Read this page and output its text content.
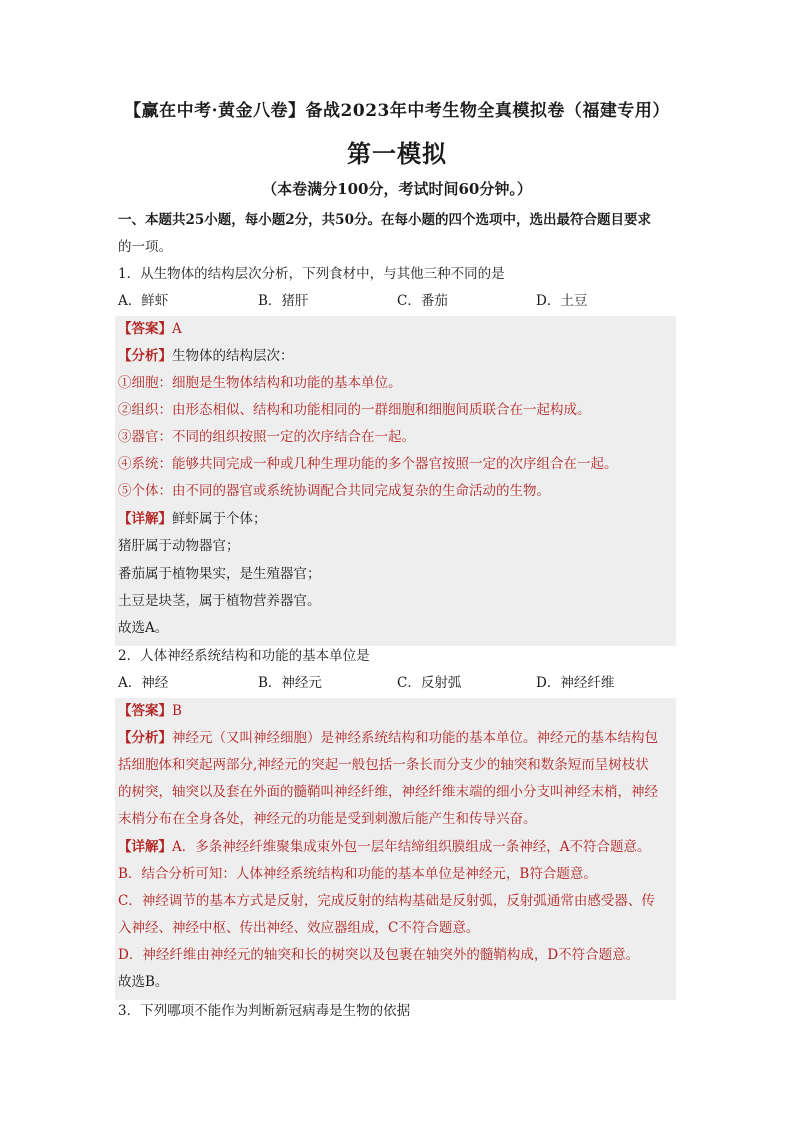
【赢在中考·黄金八卷】备战2023年中考生物全真模拟卷（福建专用）
第一模拟
（本卷满分100分，考试时间60分钟。）
一、本题共25小题，每小题2分，共50分。在每小题的四个选项中，选出最符合题目要求
的一项。
1．从生物体的结构层次分析，下列食材中，与其他三种不同的是
A．鲜虾	B．猪肝	C．番茄	D．土豆
【答案】A
【分析】生物体的结构层次：
①细胞：细胞是生物体结构和功能的基本单位。
②组织：由形态相似、结构和功能相同的一群细胞和细胞间质联合在一起构成。
③器官：不同的组织按照一定的次序结合在一起。
④系统：能够共同完成一种或几种生理功能的多个器官按照一定的次序组合在一起。
⑤个体：由不同的器官或系统协调配合共同完成复杂的生命活动的生物。
【详解】鲜虾属于个体；
猪肝属于动物器官；
番茄属于植物果实，是生殖器官；
土豆是块茎，属于植物营养器官。
故选A。
2．人体神经系统结构和功能的基本单位是
A．神经	B．神经元	C．反射弧	D．神经纤维
【答案】B
【分析】神经元（又叫神经细胞）是神经系统结构和功能的基本单位。神经元的基本结构包
括细胞体和突起两部分,神经元的突起一般包括一条长而分支少的轴突和数条短而呈树枝状
的树突，轴突以及套在外面的髓鞘叫神经纤维，神经纤维末端的细小分支叫神经末梢，神经
末梢分布在全身各处，神经元的功能是受到刺激后能产生和传导兴奋。
【详解】A．多条神经纤维聚集成束外包一层年结缔组织膜组成一条神经，A不符合题意。
B．结合分析可知：人体神经系统结构和功能的基本单位是神经元，B符合题意。
C．神经调节的基本方式是反射，完成反射的结构基础是反射弧，反射弧通常由感受器、传
入神经、神经中枢、传出神经、效应器组成，C不符合题意。
D．神经纤维由神经元的轴突和长的树突以及包裹在轴突外的髓鞘构成，D不符合题意。
故选B。
3．下列哪项不能作为判断新冠病毒是生物的依据
